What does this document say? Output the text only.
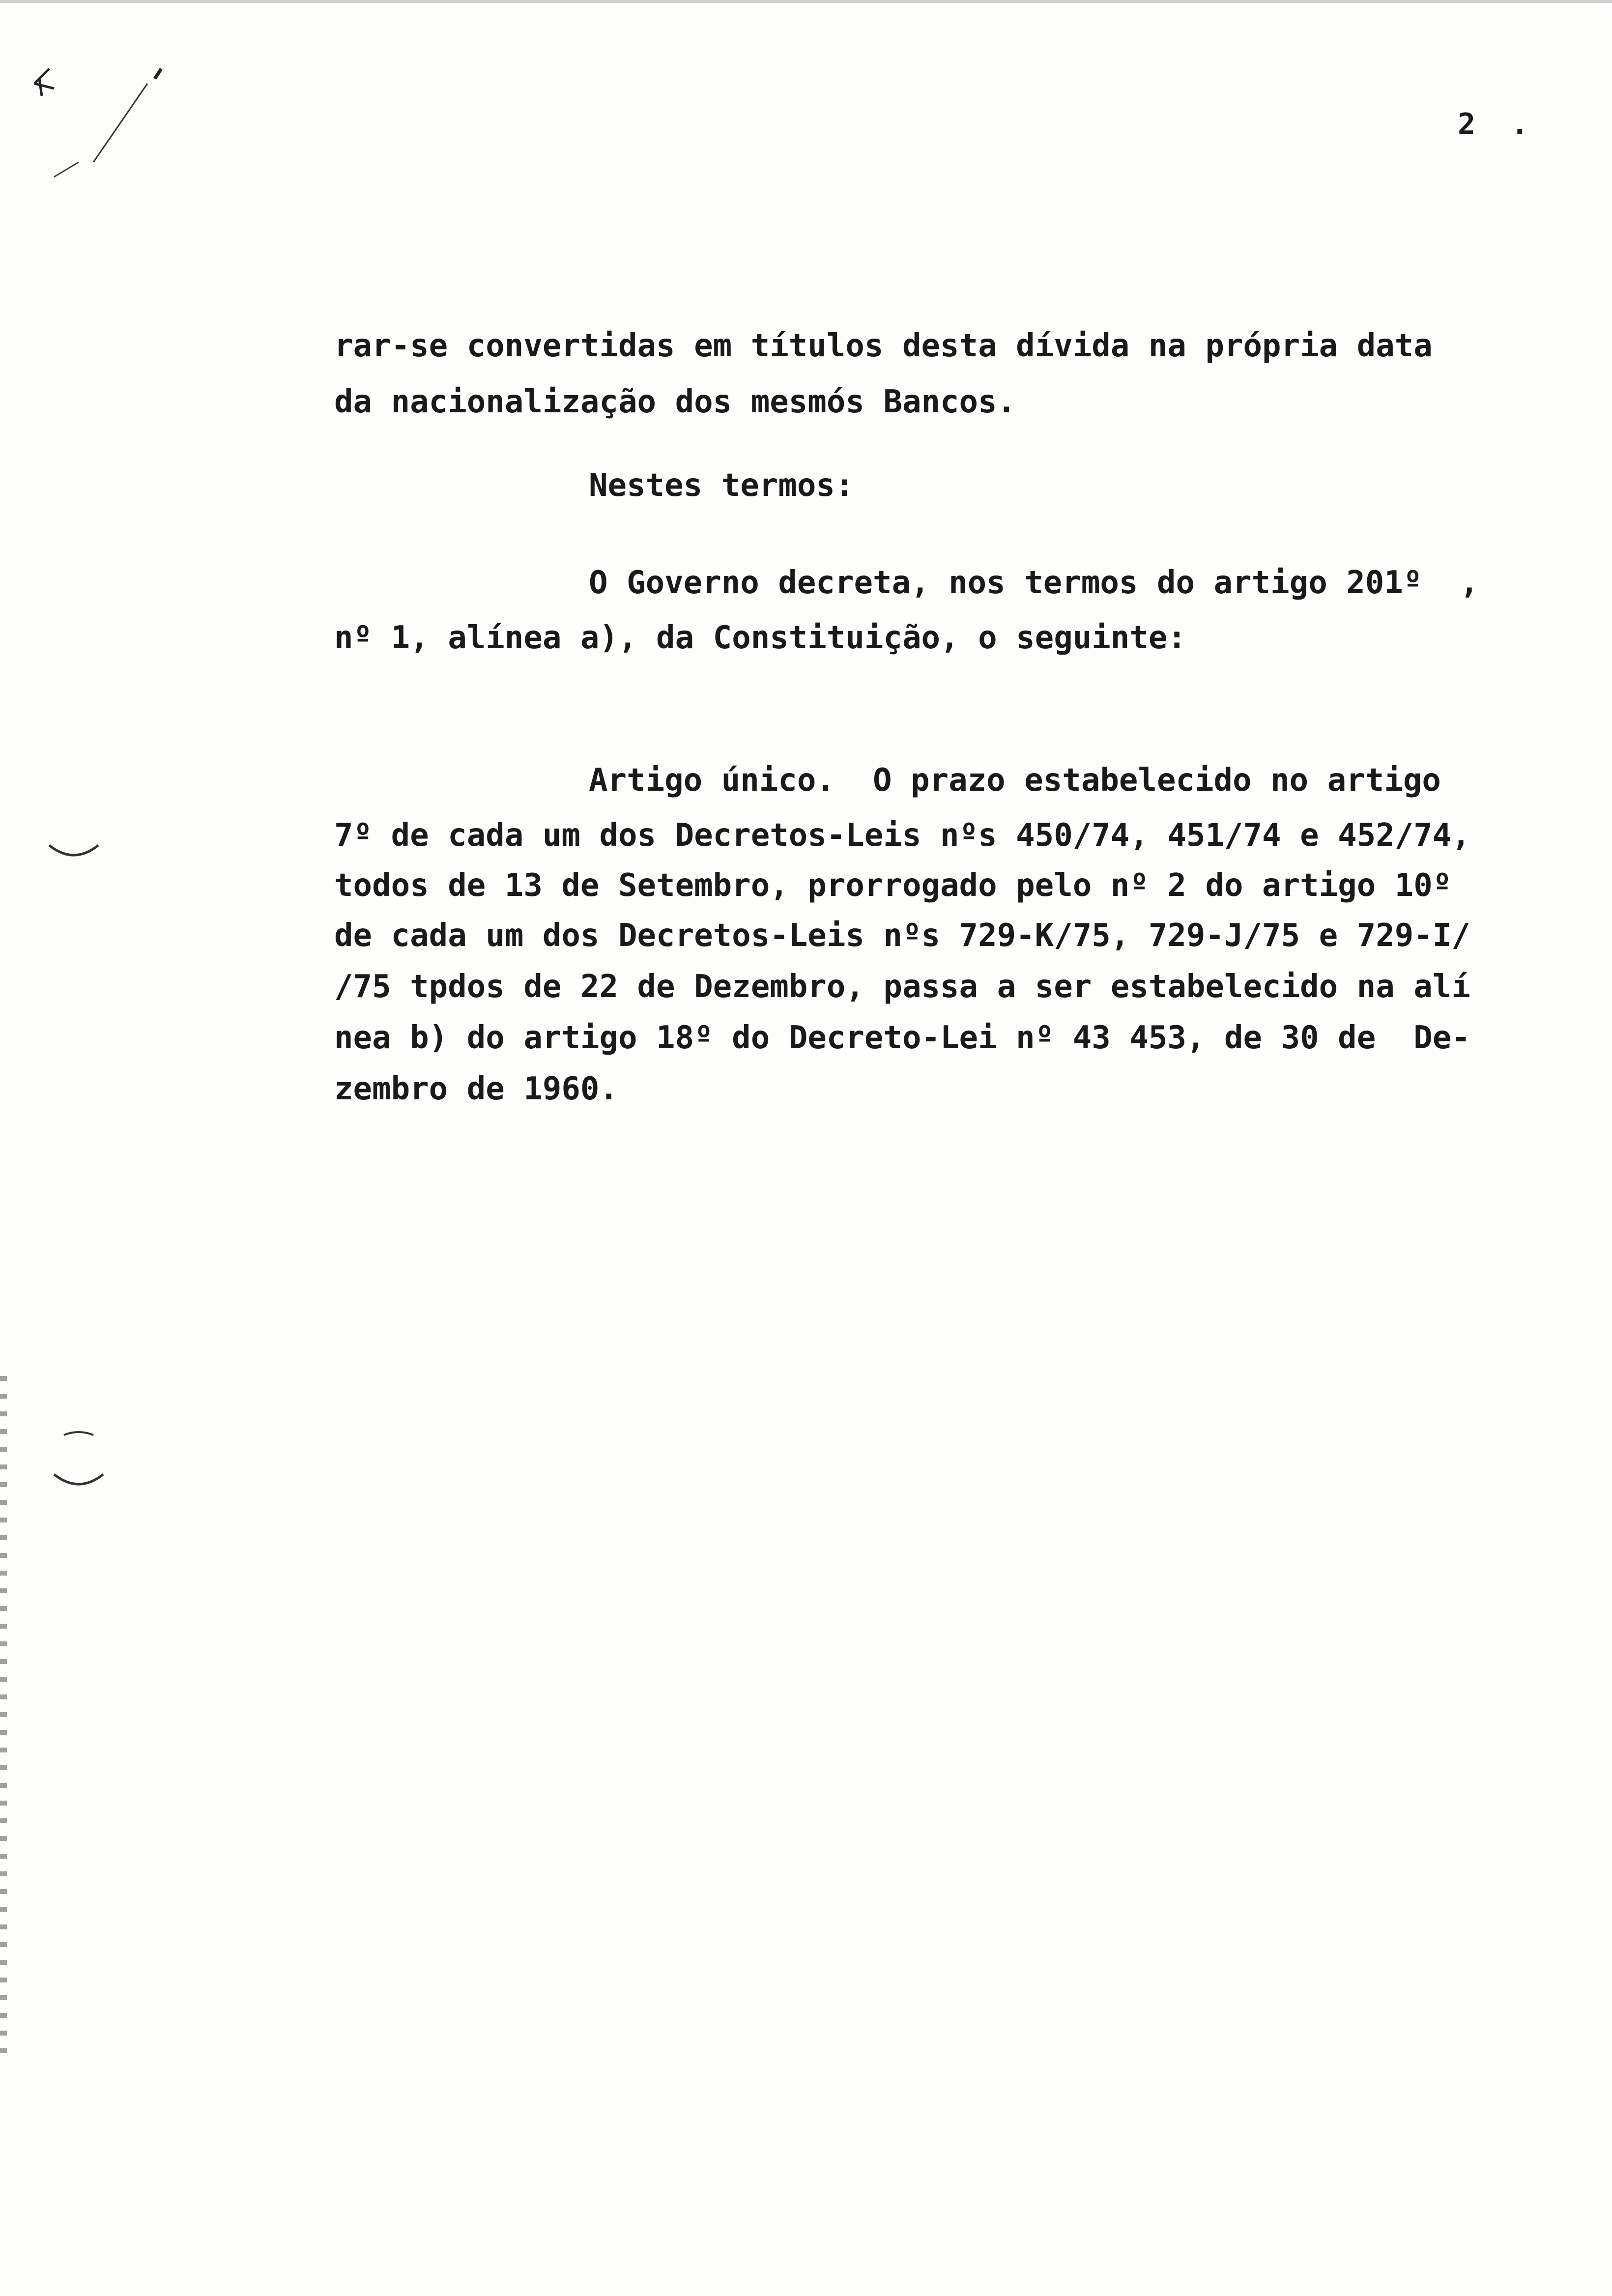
2 .
rar-se convertidas em títulos desta dívida na própria data
da nacionalização dos mesmós Bancos.
Nestes termos:
O Governo decreta, nos termos do artigo 201º  ,
nº 1, alínea a), da Constituição, o seguinte:
Artigo único.  O prazo estabelecido no artigo
7º de cada um dos Decretos-Leis nºs 450/74, 451/74 e 452/74,
todos de 13 de Setembro, prorrogado pelo nº 2 do artigo 10º
de cada um dos Decretos-Leis nºs 729-K/75, 729-J/75 e 729-I/
/75 tpdos de 22 de Dezembro, passa a ser estabelecido na alí
nea b) do artigo 18º do Decreto-Lei nº 43 453, de 30 de  De-
zembro de 1960.
